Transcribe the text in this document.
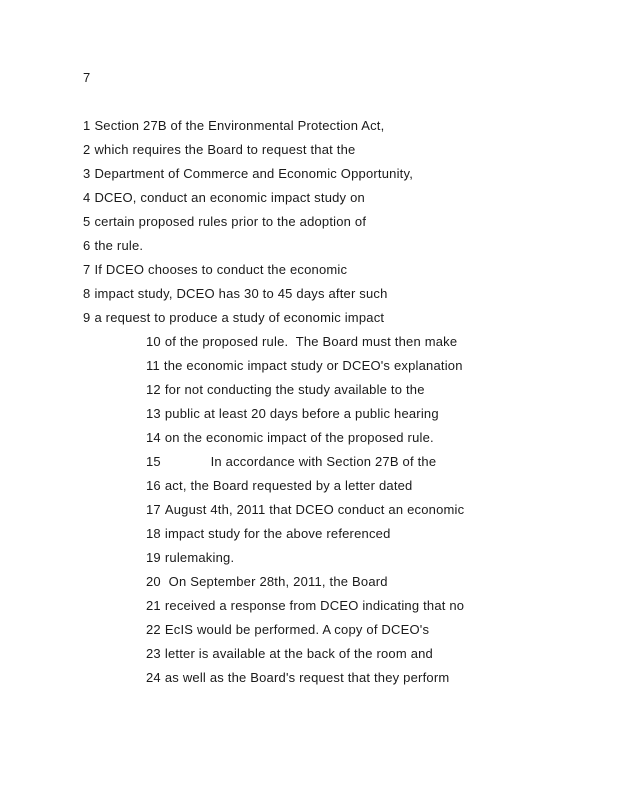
7
1 Section 27B of the Environmental Protection Act,
2 which requires the Board to request that the
3 Department of Commerce and Economic Opportunity,
4 DCEO, conduct an economic impact study on
5 certain proposed rules prior to the adoption of
6 the rule.
7 If DCEO chooses to conduct the economic
8 impact study, DCEO has 30 to 45 days after such
9 a request to produce a study of economic impact
10 of the proposed rule.  The Board must then make
11 the economic impact study or DCEO's explanation
12 for not conducting the study available to the
13 public at least 20 days before a public hearing
14 on the economic impact of the proposed rule.
15            In accordance with Section 27B of the
16 act, the Board requested by a letter dated
17 August 4th, 2011 that DCEO conduct an economic
18 impact study for the above referenced
19 rulemaking.
20 On September 28th, 2011, the Board
21 received a response from DCEO indicating that no
22 EcIS would be performed. A copy of DCEO's
23 letter is available at the back of the room and
24 as well as the Board's request that they perform
